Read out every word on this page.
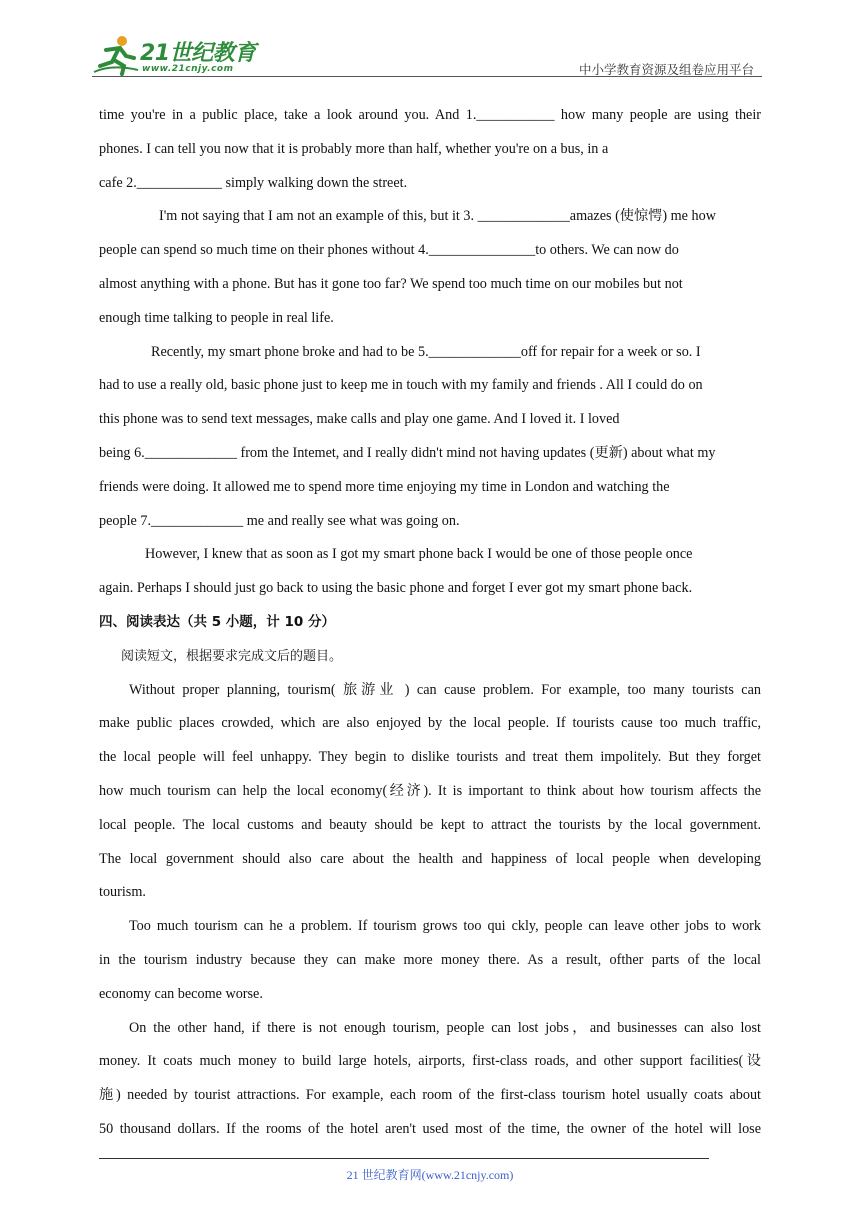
21世纪教育
www.21cnjy.com	中小学教育资源及组卷应用平台
time you're in a public place, take a look around you. And 1.___________ how many people are using their
phones. I can tell you now that it is probably more than half, whether you're on a bus, in a
cafe 2.____________ simply walking down the street.
I'm not saying that I am not an example of this, but it 3. _____________amazes (使惊愕) me how
people can spend so much time on their phones without 4._______________to others. We can now do
almost anything with a phone. But has it gone too far? We spend too much time on our mobiles but not
enough time talking to people in real life.
Recently, my smart phone broke and had to be 5._____________off for repair for a week or so. I
had to use a really old, basic phone just to keep me in touch with my family and friends . All I could do on
this phone was to send text messages, make calls and play one game. And I loved it. I loved
being 6._____________ from the Intemet, and I really didn't mind not having updates (更新) about what my
friends were doing. It allowed me to spend more time enjoying my time in London and watching the
people 7._____________ me and really see what was going on.
However, I knew that as soon as I got my smart phone back I would be one of those people once
again. Perhaps I should just go back to using the basic phone and forget I ever got my smart phone back.
四、阅读表达（共 5 小题，计 10 分）
阅读短文，根据要求完成文后的题目。
Without proper planning, tourism( 旅游业 ) can cause problem. For example, too many tourists can
make public places crowded, which are also enjoyed by the local people. If tourists cause too much traffic,
the local people will feel unhappy. They begin to dislike tourists and treat them impolitely. But they forget
how much tourism can help the local economy(经济). It is important to think about how tourism affects the
local people. The local customs and beauty should be kept to attract the tourists by the local government.
The local government should also care about the health and happiness of local people when developing
tourism.
Too much tourism can he a problem. If tourism grows too qui ckly, people can leave other jobs to work
in the tourism industry because they can make more money there. As a result, ofther parts of the local
economy can become worse.
On the other hand, if there is not enough tourism, people can lost jobs，and businesses can also lost
money. It coats much money to build large hotels, airports, first-class roads, and other support facilities(设
施) needed by tourist attractions. For example, each room of the first-class tourism hotel usually coats about
50 thousand dollars. If the rooms of the hotel aren't used most of the time, the owner of the hotel will lose
21 世纪教育网(www.21cnjy.com)
